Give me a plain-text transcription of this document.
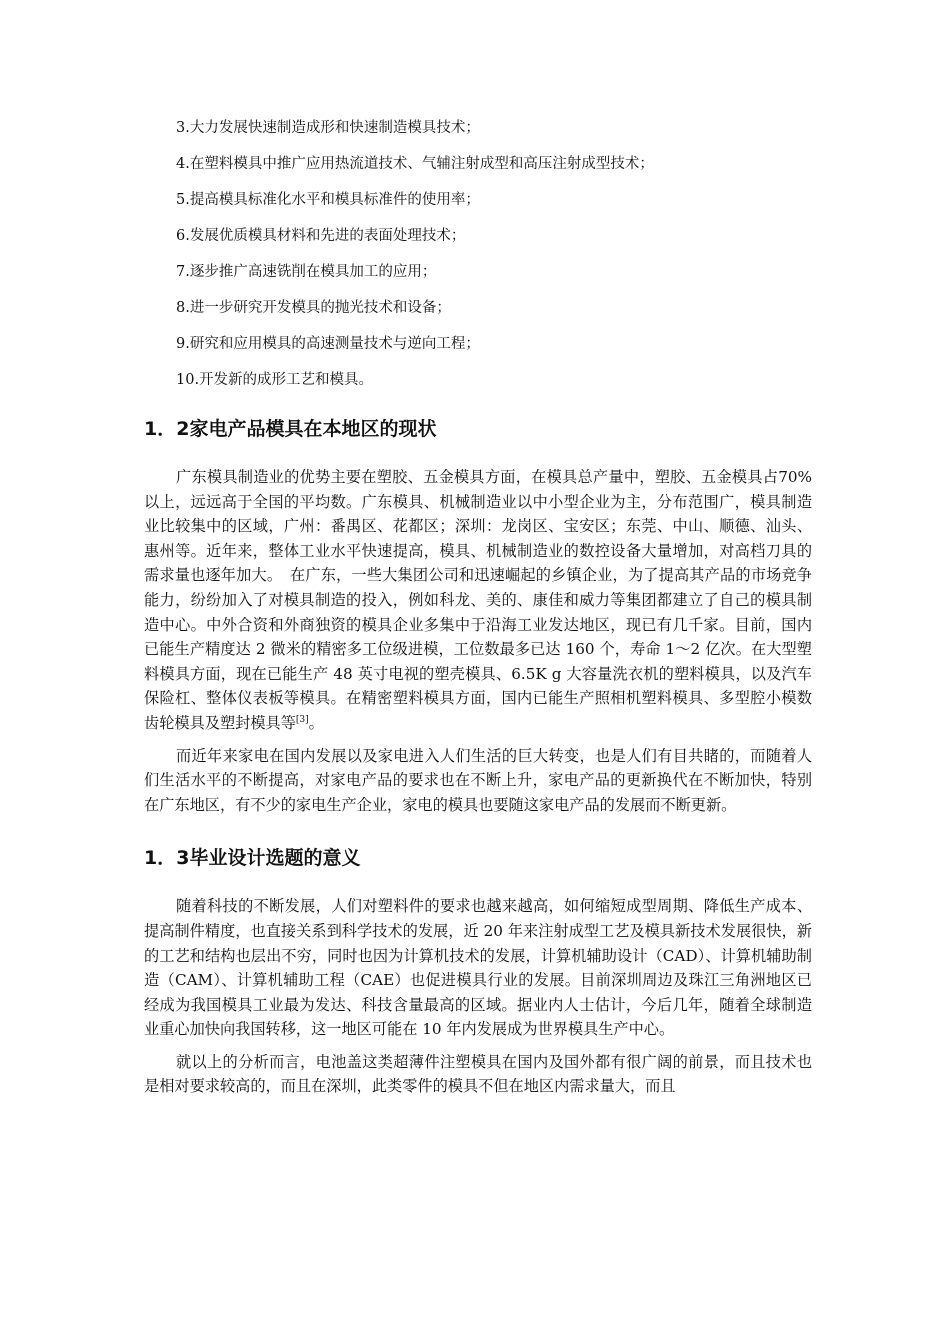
3.大力发展快速制造成形和快速制造模具技术；
4.在塑料模具中推广应用热流道技术、气辅注射成型和高压注射成型技术；
5.提高模具标准化水平和模具标准件的使用率；
6.发展优质模具材料和先进的表面处理技术；
7.逐步推广高速铣削在模具加工的应用；
8.进一步研究开发模具的抛光技术和设备；
9.研究和应用模具的高速测量技术与逆向工程；
10.开发新的成形工艺和模具。
1．2家电产品模具在本地区的现状

广东模具制造业的优势主要在塑胶、五金模具方面，在模具总产量中，塑胶、五金模具占70%以上，远远高于全国的平均数。广东模具、机械制造业以中小型企业为主，分布范围广，模具制造业比较集中的区域，广州：番禺区、花都区；深圳：龙岗区、宝安区；东莞、中山、顺德、汕头、惠州等。近年来，整体工业水平快速提高，模具、机械制造业的数控设备大量增加，对高档刀具的需求量也逐年加大。　在广东，一些大集团公司和迅速崛起的乡镇企业，为了提高其产品的市场竞争能力，纷纷加入了对模具制造的投入，例如科龙、美的、康佳和威力等集团都建立了自己的模具制造中心。中外合资和外商独资的模具企业多集中于沿海工业发达地区，现已有几千家。目前，国内已能生产精度达 2 微米的精密多工位级进模，工位数最多已达 160 个，寿命 1～2 亿次。在大型塑料模具方面，现在已能生产 48 英寸电视的塑壳模具、6.5K g 大容量洗衣机的塑料模具，以及汽车保险杠、整体仪表板等模具。在精密塑料模具方面，国内已能生产照相机塑料模具、多型腔小模数齿轮模具及塑封模具等[3]。

而近年来家电在国内发展以及家电进入人们生活的巨大转变，也是人们有目共睹的，而随着人们生活水平的不断提高，对家电产品的要求也在不断上升，家电产品的更新换代在不断加快，特别在广东地区，有不少的家电生产企业，家电的模具也要随这家电产品的发展而不断更新。

1．3毕业设计选题的意义

随着科技的不断发展，人们对塑料件的要求也越来越高，如何缩短成型周期、降低生产成本、提高制件精度，也直接关系到科学技术的发展，近 20 年来注射成型工艺及模具新技术发展很快，新的工艺和结构也层出不穷，同时也因为计算机技术的发展，计算机辅助设计（CAD）、计算机辅助制造（CAM）、计算机辅助工程（CAE）也促进模具行业的发展。目前深圳周边及珠江三角洲地区已经成为我国模具工业最为发达、科技含量最高的区域。据业内人士估计，今后几年，随着全球制造业重心加快向我国转移，这一地区可能在 10 年内发展成为世界模具生产中心。

就以上的分析而言，电池盖这类超薄件注塑模具在国内及国外都有很广阔的前景，而且技术也是相对要求较高的，而且在深圳，此类零件的模具不但在地区内需求量大，而且
